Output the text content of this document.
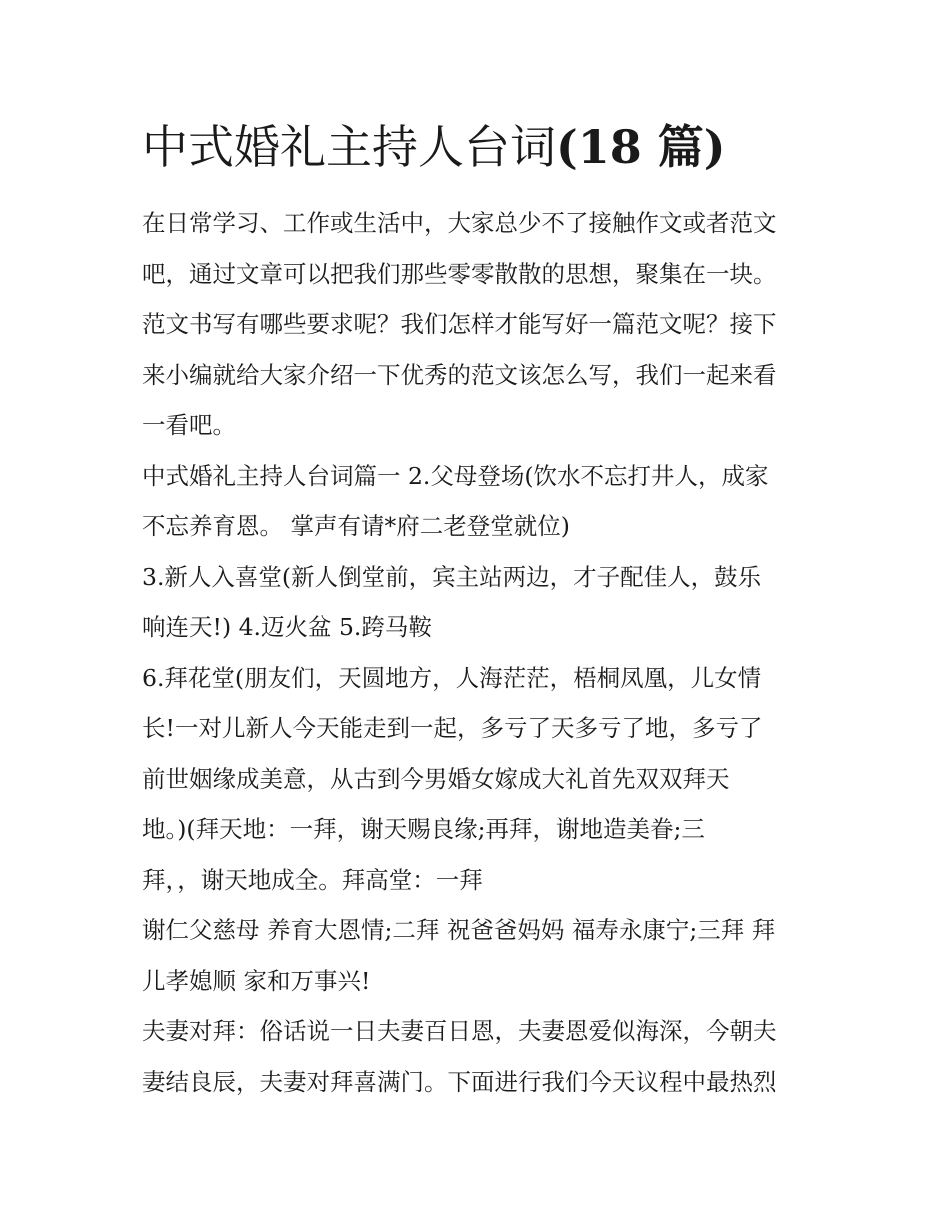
中式婚礼主持人台词(18 篇)
在日常学习、工作或生活中，大家总少不了接触作文或者范文
吧，通过文章可以把我们那些零零散散的思想，聚集在一块。
范文书写有哪些要求呢？我们怎样才能写好一篇范文呢？接下
来小编就给大家介绍一下优秀的范文该怎么写，我们一起来看
一看吧。
中式婚礼主持人台词篇一 2.父母登场(饮水不忘打井人，成家
不忘养育恩。 掌声有请*府二老登堂就位)
3.新人入喜堂(新人倒堂前，宾主站两边，才子配佳人，鼓乐
响连天!) 4.迈火盆 5.跨马鞍
6.拜花堂(朋友们，天圆地方，人海茫茫，梧桐凤凰，儿女情
长!一对儿新人今天能走到一起，多亏了天多亏了地，多亏了
前世姻缘成美意，从古到今男婚女嫁成大礼首先双双拜天
地。)(拜天地：一拜，谢天赐良缘;再拜，谢地造美眷;三
拜，，谢天地成全。拜高堂：一拜
谢仁父慈母 养育大恩情;二拜 祝爸爸妈妈 福寿永康宁;三拜 拜
儿孝媳顺 家和万事兴!
夫妻对拜：俗话说一日夫妻百日恩，夫妻恩爱似海深，今朝夫
妻结良辰，夫妻对拜喜满门。下面进行我们今天议程中最热烈
